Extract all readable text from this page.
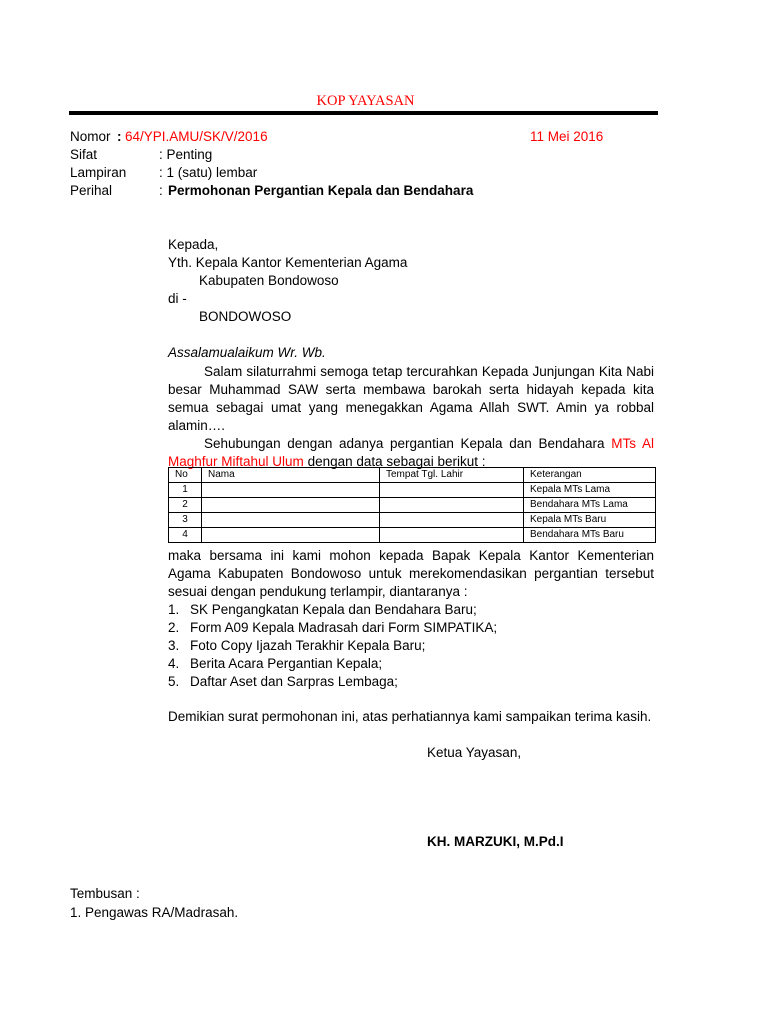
KOP YAYASAN
Nomor : 64/YPI.AMU/SK/V/2016	11 Mei 2016
Sifat	: Penting
Lampiran : 1 (satu) lembar
Perihal	: Permohonan Pergantian Kepala dan Bendahara
Kepada,
Yth. Kepala Kantor Kementerian Agama
Kabupaten Bondowoso
di -
BONDOWOSO
Assalamualaikum Wr. Wb.
Salam silaturrahmi semoga tetap tercurahkan Kepada Junjungan Kita Nabi besar Muhammad SAW serta membawa barokah serta hidayah kepada kita semua sebagai umat yang menegakkan Agama Allah SWT. Amin ya robbal alamin….
Sehubungan dengan adanya pergantian Kepala dan Bendahara MTs Al Maghfur Miftahul Ulum dengan data sebagai berikut :
No	Nama	Tempat Tgl. Lahir	Keterangan
1			Kepala MTs Lama
2			Bendahara MTs Lama
3			Kepala MTs Baru
4			Bendahara MTs Baru
maka bersama ini kami mohon kepada Bapak Kepala Kantor Kementerian Agama Kabupaten Bondowoso untuk merekomendasikan pergantian tersebut sesuai dengan pendukung terlampir, diantaranya :
1. SK Pengangkatan Kepala dan Bendahara Baru;
2. Form A09 Kepala Madrasah dari Form SIMPATIKA;
3. Foto Copy Ijazah Terakhir Kepala Baru;
4. Berita Acara Pergantian Kepala;
5. Daftar Aset dan Sarpras Lembaga;
Demikian surat permohonan ini, atas perhatiannya kami sampaikan terima kasih.
Ketua Yayasan,
KH. MARZUKI, M.Pd.I
Tembusan :
1. Pengawas RA/Madrasah.
